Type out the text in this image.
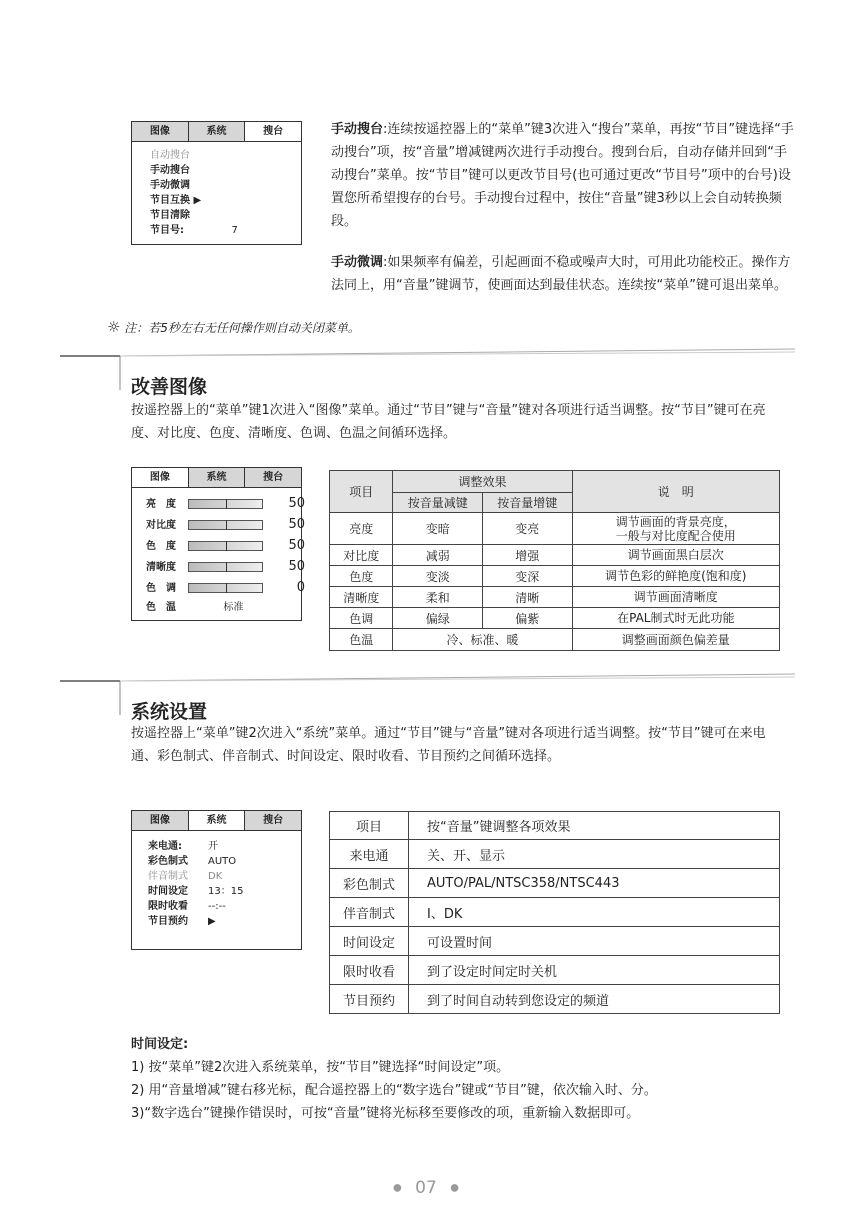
图像	系统	搜台
自动搜台
手动搜台
手动微调
节目互换 ▶
节目清除
节目号:	7
手动搜台:连续按遥控器上的“菜单”键3次进入“搜台”菜单，再按“节目”键选择“手动搜台”项，按“音量”增减键两次进行手动搜台。搜到台后，自动存储并回到“手动搜台”菜单。按“节目”键可以更改节目号(也可通过更改“节目号”项中的台号)设置您所希望搜存的台号。手动搜台过程中，按住“音量”键3秒以上会自动转换频段。
手动微调:如果频率有偏差，引起画面不稳或噪声大时，可用此功能校正。操作方法同上，用“音量”键调节，使画面达到最佳状态。连续按“菜单”键可退出菜单。
☼ 注：若5秒左右无任何操作则自动关闭菜单。
改善图像
按遥控器上的“菜单”键1次进入“图像”菜单。通过“节目”键与“音量”键对各项进行适当调整。按“节目”键可在亮度、对比度、色度、清晰度、色调、色温之间循环选择。
图像	系统	搜台
亮　度	50
对比度	50
色　度	50
清晰度	50
色　调	0
色　温	标准
项目	调整效果		说　明
	按音量减键	按音量增键	
亮度	变暗	变亮	调节画面的背景亮度，
一般与对比度配合使用
对比度	减弱	增强	调节画面黑白层次
色度	变淡	变深	调节色彩的鲜艳度(饱和度)
清晰度	柔和	清晰	调节画面清晰度
色调	偏绿	偏紫	在PAL制式时无此功能
色温	冷、标准、暖		调整画面颜色偏差量
系统设置
按遥控器上“菜单”键2次进入“系统”菜单。通过“节目”键与“音量”键对各项进行适当调整。按“节目”键可在来电通、彩色制式、伴音制式、时间设定、限时收看、节目预约之间循环选择。
图像	系统	搜台
来电通:	开
彩色制式 AUTO
伴音制式 DK
时间设定 13：15
限时收看 --:--
节目预约 ▶
项目	按“音量”键调整各项效果
来电通	关、开、显示
彩色制式	AUTO/PAL/NTSC358/NTSC443
伴音制式	I、DK
时间设定	可设置时间
限时收看	到了设定时间定时关机
节目预约	到了时间自动转到您设定的频道
时间设定:
1) 按“菜单”键2次进入系统菜单，按“节目”键选择“时间设定”项。
2) 用“音量增减”键右移光标，配合遥控器上的“数字选台”键或“节目”键，依次输入时、分。
3)“数字选台”键操作错误时，可按“音量”键将光标移至要修改的项，重新输入数据即可。
● 07 ●
